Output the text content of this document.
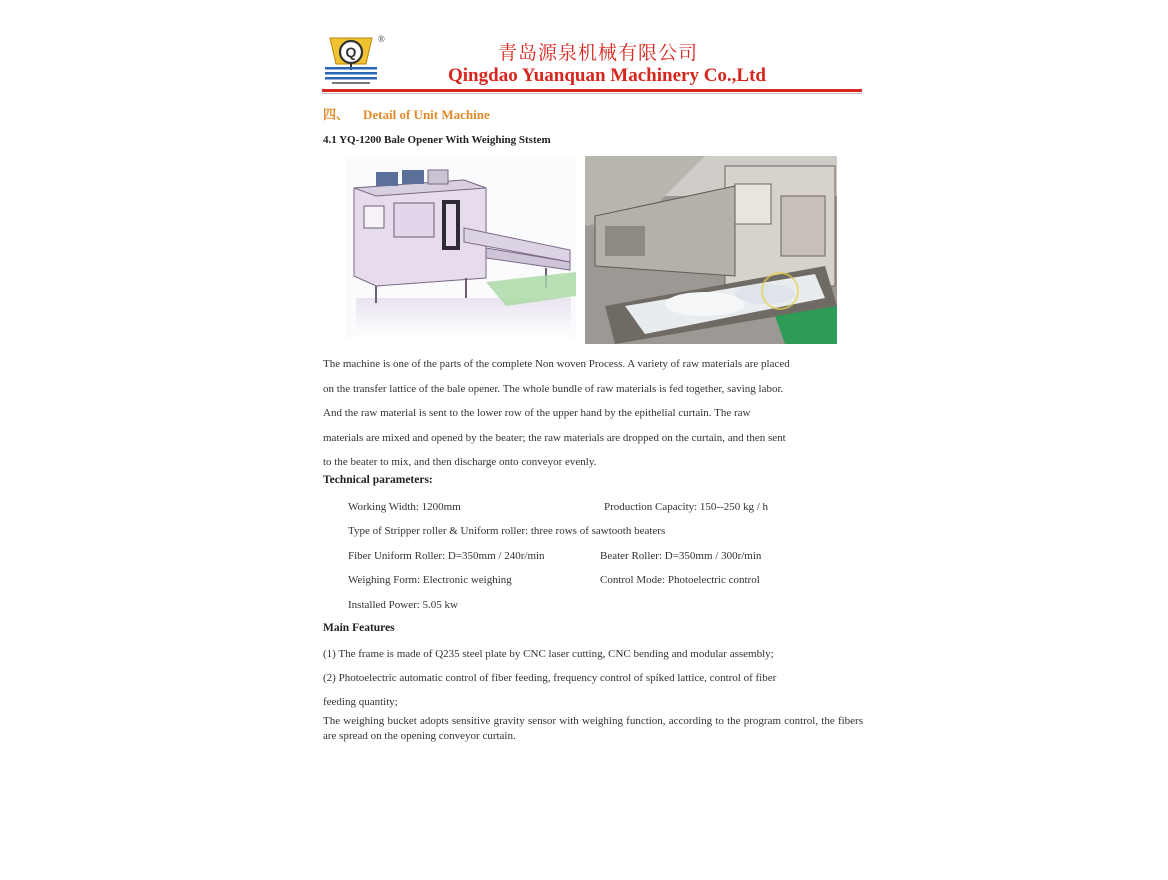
Q
®
青岛源泉机械有限公司
Qingdao Yuanquan Machinery Co.,Ltd
四、 Detail of Unit Machine
4.1 YQ-1200 Bale Opener With Weighing Ststem
The machine is one of the parts of the complete Non woven Process. A variety of raw materials are placed
on the transfer lattice of the bale opener. The whole bundle of raw materials is fed together, saving labor.
And the raw material is sent to the lower row of the upper hand by the epithelial curtain. The raw
materials are mixed and opened by the beater; the raw materials are dropped on the curtain, and then sent
to the beater to mix, and then discharge onto conveyor evenly.
Technical parameters:
Working Width: 1200mm	Production Capacity: 150--250 kg / h
Type of Stripper roller & Uniform roller: three rows of sawtooth beaters
Fiber Uniform Roller: D=350mm / 240r/min	Beater Roller: D=350mm / 300r/min
Weighing Form: Electronic weighing	Control Mode: Photoelectric control
Installed Power: 5.05 kw
Main Features
(1) The frame is made of Q235 steel plate by CNC laser cutting, CNC bending and modular assembly;
(2) Photoelectric automatic control of fiber feeding, frequency control of spiked lattice, control of fiber
feeding quantity;
The weighing bucket adopts sensitive gravity sensor with weighing function, according to the program control, the fibers are spread on the opening conveyor curtain.
